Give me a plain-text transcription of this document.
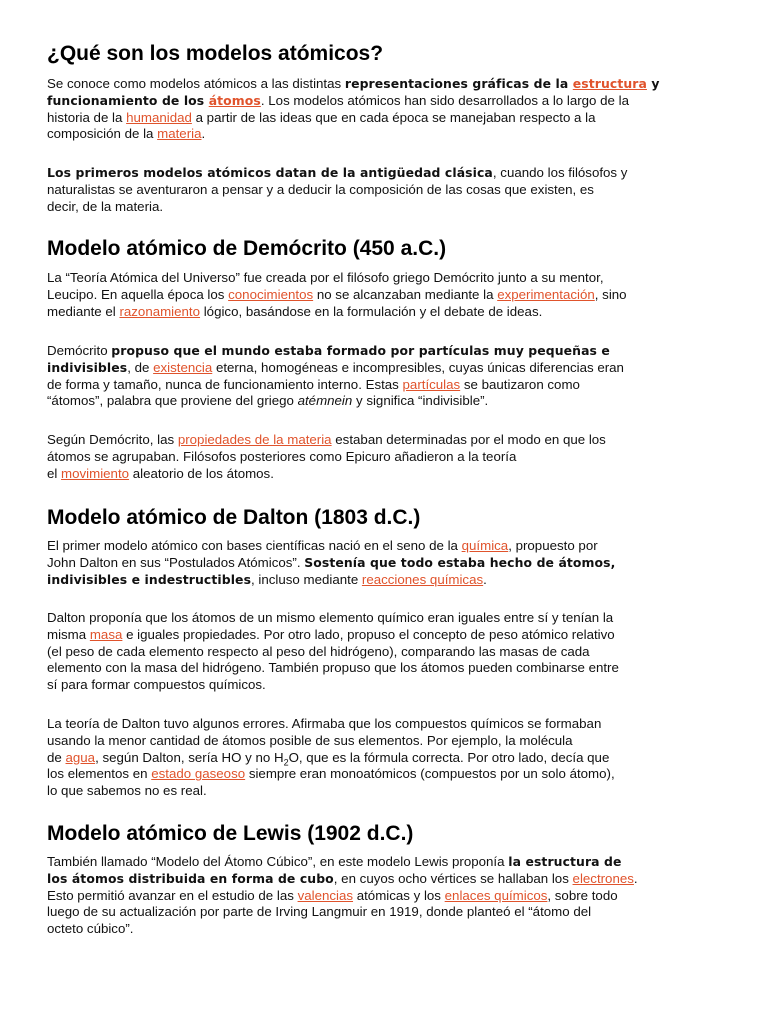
¿Qué son los modelos atómicos?

Se conoce como modelos atómicos a las distintas representaciones gráficas de la estructura y
funcionamiento de los átomos. Los modelos atómicos han sido desarrollados a lo largo de la
historia de la humanidad a partir de las ideas que en cada época se manejaban respecto a la
composición de la materia.

Los primeros modelos atómicos datan de la antigüedad clásica, cuando los filósofos y
naturalistas se aventuraron a pensar y a deducir la composición de las cosas que existen, es
decir, de la materia.

Modelo atómico de Demócrito (450 a.C.)

La “Teoría Atómica del Universo” fue creada por el filósofo griego Demócrito junto a su mentor,
Leucipo. En aquella época los conocimientos no se alcanzaban mediante la experimentación, sino
mediante el razonamiento lógico, basándose en la formulación y el debate de ideas.

Demócrito propuso que el mundo estaba formado por partículas muy pequeñas e
indivisibles, de existencia eterna, homogéneas e incompresibles, cuyas únicas diferencias eran
de forma y tamaño, nunca de funcionamiento interno. Estas partículas se bautizaron como
“átomos”, palabra que proviene del griego atémnein y significa “indivisible”.

Según Demócrito, las propiedades de la materia estaban determinadas por el modo en que los
átomos se agrupaban. Filósofos posteriores como Epicuro añadieron a la teoría
el movimiento aleatorio de los átomos.

Modelo atómico de Dalton (1803 d.C.)

El primer modelo atómico con bases científicas nació en el seno de la química, propuesto por
John Dalton en sus “Postulados Atómicos”. Sostenía que todo estaba hecho de átomos,
indivisibles e indestructibles, incluso mediante reacciones químicas.

Dalton proponía que los átomos de un mismo elemento químico eran iguales entre sí y tenían la
misma masa e iguales propiedades. Por otro lado, propuso el concepto de peso atómico relativo
(el peso de cada elemento respecto al peso del hidrógeno), comparando las masas de cada
elemento con la masa del hidrógeno. También propuso que los átomos pueden combinarse entre
sí para formar compuestos químicos.

La teoría de Dalton tuvo algunos errores. Afirmaba que los compuestos químicos se formaban
usando la menor cantidad de átomos posible de sus elementos. Por ejemplo, la molécula
de agua, según Dalton, sería HO y no $H_2O$, que es la fórmula correcta. Por otro lado, decía que
los elementos en estado gaseoso siempre eran monoatómicos (compuestos por un solo átomo),
lo que sabemos no es real.

Modelo atómico de Lewis (1902 d.C.)

También llamado “Modelo del Átomo Cúbico”, en este modelo Lewis proponía la estructura de
los átomos distribuida en forma de cubo, en cuyos ocho vértices se hallaban los electrones.
Esto permitió avanzar en el estudio de las valencias atómicas y los enlaces químicos, sobre todo
luego de su actualización por parte de Irving Langmuir en 1919, donde planteó el “átomo del
octeto cúbico”.
